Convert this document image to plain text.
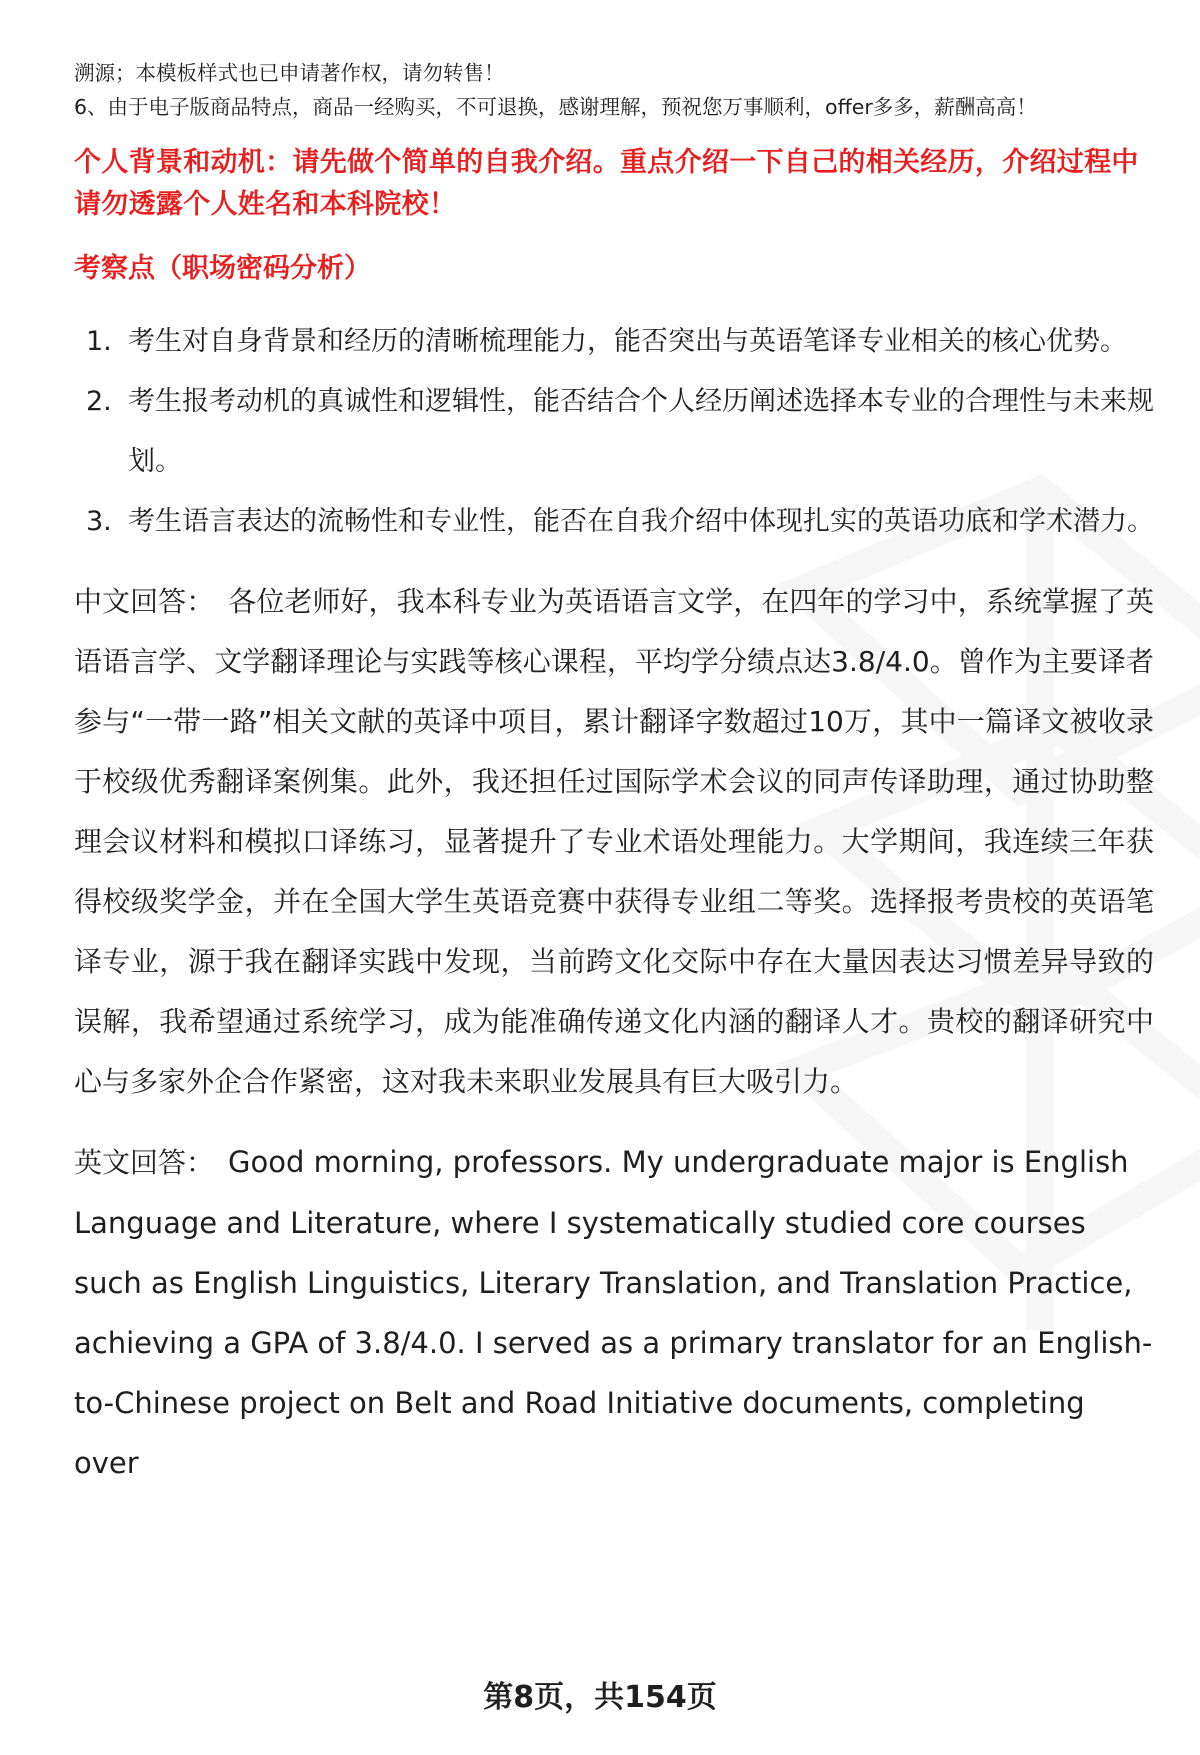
溯源；本模板样式也已申请著作权，请勿转售！

6、由于电子版商品特点，商品一经购买，不可退换，感谢理解，预祝您万事顺利，offer多多，薪酬高高！

个人背景和动机：请先做个简单的自我介绍。重点介绍一下自己的相关经历，介绍过程中请勿透露个人姓名和本科院校！
考察点（职场密码分析）
1. 考生对自身背景和经历的清晰梳理能力，能否突出与英语笔译专业相关的核心优势。
2. 考生报考动机的真诚性和逻辑性，能否结合个人经历阐述选择本专业的合理性与未来规划。
3. 考生语言表达的流畅性和专业性，能否在自我介绍中体现扎实的英语功底和学术潜力。

中文回答： 各位老师好，我本科专业为英语语言文学，在四年的学习中，系统掌握了英语语言学、文学翻译理论与实践等核心课程，平均学分绩点达3.8/4.0。曾作为主要译者参与“一带一路”相关文献的英译中项目，累计翻译字数超过10万，其中一篇译文被收录于校级优秀翻译案例集。此外，我还担任过国际学术会议的同声传译助理，通过协助整理会议材料和模拟口译练习，显著提升了专业术语处理能力。大学期间，我连续三年获得校级奖学金，并在全国大学生英语竞赛中获得专业组二等奖。选择报考贵校的英语笔译专业，源于我在翻译实践中发现，当前跨文化交际中存在大量因表达习惯差异导致的误解，我希望通过系统学习，成为能准确传递文化内涵的翻译人才。贵校的翻译研究中心与多家外企合作紧密，这对我未来职业发展具有巨大吸引力。

英文回答： Good morning, professors. My undergraduate major is English Language and Literature, where I systematically studied core courses such as English Linguistics, Literary Translation, and Translation Practice, achieving a GPA of 3.8/4.0. I served as a primary translator for an English-to-Chinese project on Belt and Road Initiative documents, completing over

第8页，共154页
